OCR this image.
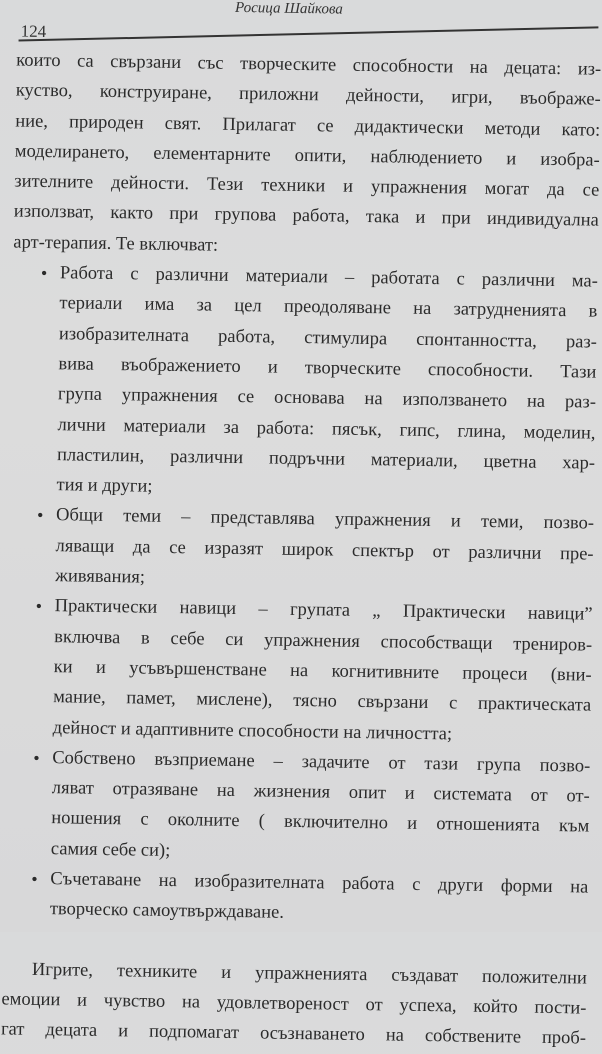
Росица Шайкова
124
които са свързани със творческите способности на децата: из-
куство, конструиране, приложни дейности, игри, въображе-
ние, природен свят. Прилагат се дидактически методи като:
моделирането, елементарните опити, наблюдението и изобра-
зителните дейности. Тези техники и упражнения могат да се
използват, както при групова работа, така и при индивидуална
арт-терапия. Те включват:
• Работа с различни материали – работата с различни ма-
териали има за цел преодоляване на затрудненията в
изобразителната работа, стимулира спонтанността, раз-
вива въображението и творческите способности. Тази
група упражнения се основава на използването на раз-
лични материали за работа: пясък, гипс, глина, моделин,
пластилин, различни подръчни материали, цветна хар-
тия и други;
• Общи теми – представлява упражнения и теми, позво-
ляващи да се изразят широк спектър от различни пре-
живявания;
• Практически навици – групата „ Практически навици”
включва в себе си упражнения способстващи трениров-
ки и усъвършенстване на когнитивните процеси (вни-
мание, памет, мислене), тясно свързани с практическата
дейност и адаптивните способности на личността;
• Собствено възприемане – задачите от тази група позво-
ляват отразяване на жизнения опит и системата от от-
ношения с околните ( включително и отношенията към
самия себе си);
• Съчетаване на изобразителната работа с други форми на
творческо самоутвърждаване.
Игрите, техниките и упражненията създават положителни
емоции и чувство на удовлетвореност от успеха, който пости-
гат децата и подпомагат осъзнаването на собствените проб-
